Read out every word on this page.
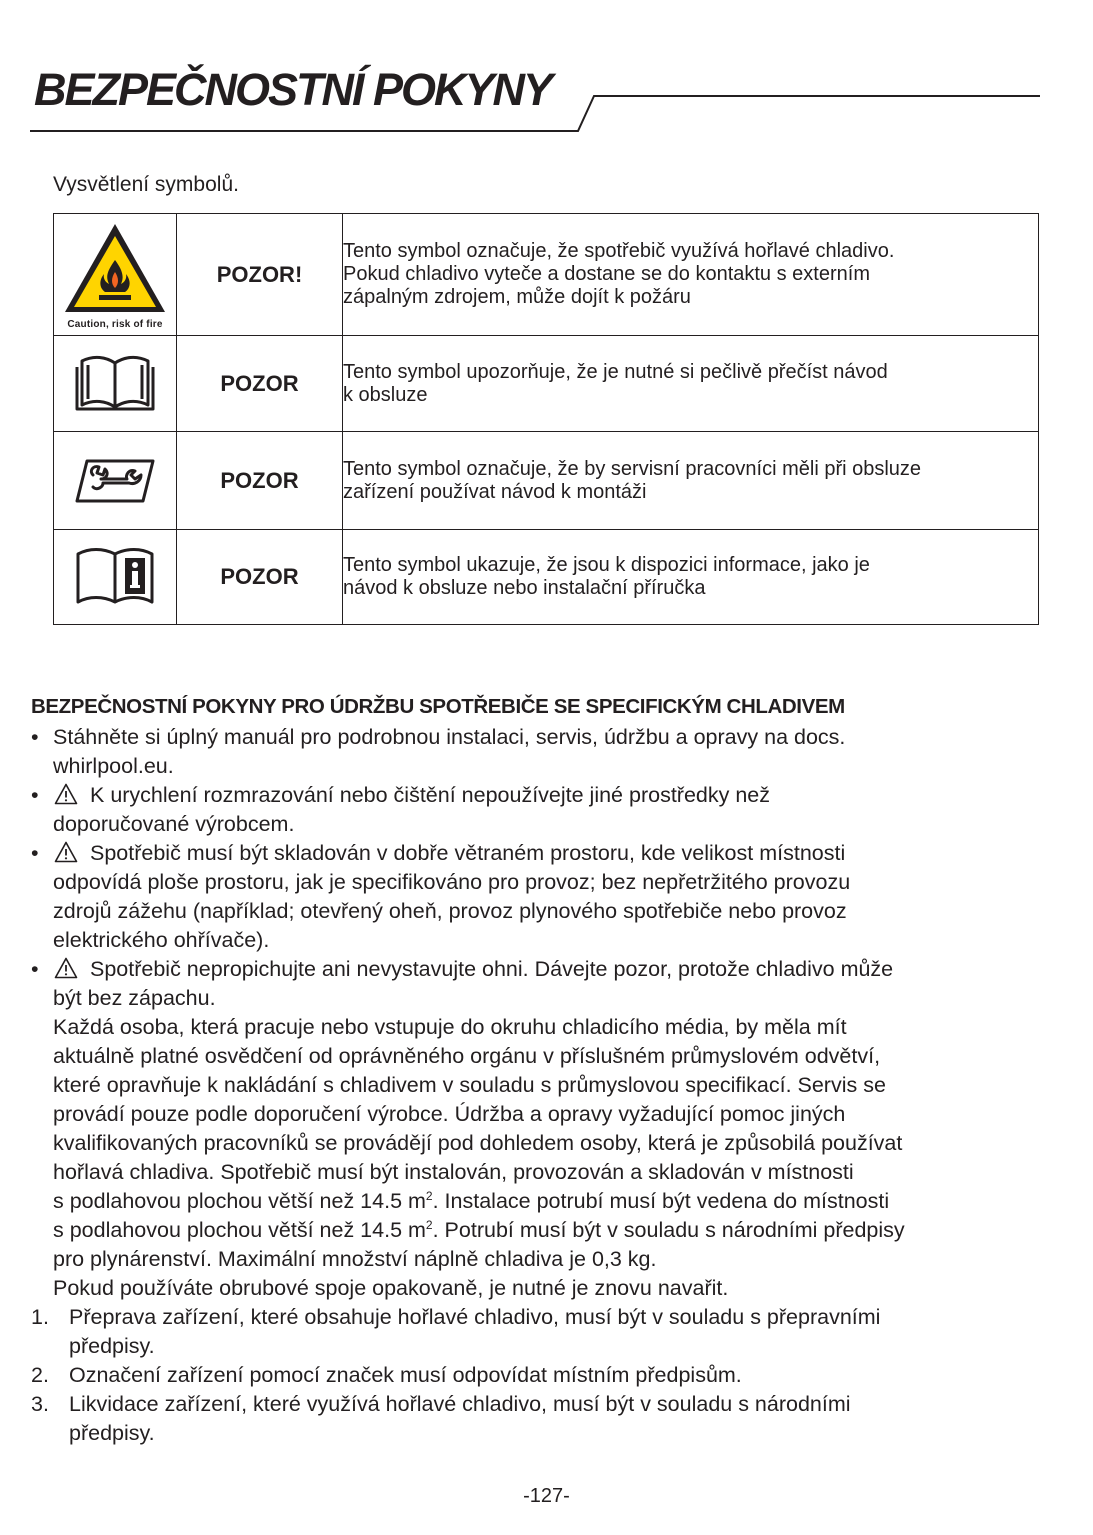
BEZPEČNOSTNÍ POKYNY
Vysvětlení symbolů.
Caution, risk of fire	POZOR!	Tento symbol označuje, že spotřebič využívá hořlavé chladivo.
Pokud chladivo vyteče a dostane se do kontaktu s externím
zápalným zdrojem, může dojít k požáru

	POZOR	Tento symbol upozorňuje, že je nutné si pečlivě přečíst návod
k obsluze

	POZOR	Tento symbol označuje, že by servisní pracovníci měli při obsluze
zařízení používat návod k montáži

	POZOR	Tento symbol ukazuje, že jsou k dispozici informace, jako je
návod k obsluze nebo instalační příručka
BEZPEČNOSTNÍ POKYNY PRO ÚDRŽBU SPOTŘEBIČE SE SPECIFICKÝM CHLADIVEM
• Stáhněte si úplný manuál pro podrobnou instalaci, servis, údržbu a opravy na docs.
whirlpool.eu.
•	K urychlení rozmrazování nebo čištění nepoužívejte jiné prostředky než
doporučované výrobcem.
•	Spotřebič musí být skladován v dobře větraném prostoru, kde velikost místnosti
odpovídá ploše prostoru, jak je specifikováno pro provoz; bez nepřetržitého provozu
zdrojů zážehu (například; otevřený oheň, provoz plynového spotřebiče nebo provoz
elektrického ohřívače).
•	Spotřebič nepropichujte ani nevystavujte ohni. Dávejte pozor, protože chladivo může
být bez zápachu.
Každá osoba, která pracuje nebo vstupuje do okruhu chladicího média, by měla mít
aktuálně platné osvědčení od oprávněného orgánu v příslušném průmyslovém odvětví,
které opravňuje k nakládání s chladivem v souladu s průmyslovou specifikací. Servis se
provádí pouze podle doporučení výrobce. Údržba a opravy vyžadující pomoc jiných
kvalifikovaných pracovníků se provádějí pod dohledem osoby, která je způsobilá používat
hořlavá chladiva. Spotřebič musí být instalován, provozován a skladován v místnosti
s podlahovou plochou větší než 14.5 $m^2$. Instalace potrubí musí být vedena do místnosti
s podlahovou plochou větší než 14.5 $m^2$. Potrubí musí být v souladu s národními předpisy
pro plynárenství. Maximální množství náplně chladiva je 0,3 kg.
Pokud používáte obrubové spoje opakovaně, je nutné je znovu navařit.
1. Přeprava zařízení, které obsahuje hořlavé chladivo, musí být v souladu s přepravními
předpisy.
2. Označení zařízení pomocí značek musí odpovídat místním předpisům.
3. Likvidace zařízení, které využívá hořlavé chladivo, musí být v souladu s národními
předpisy.
-127-
